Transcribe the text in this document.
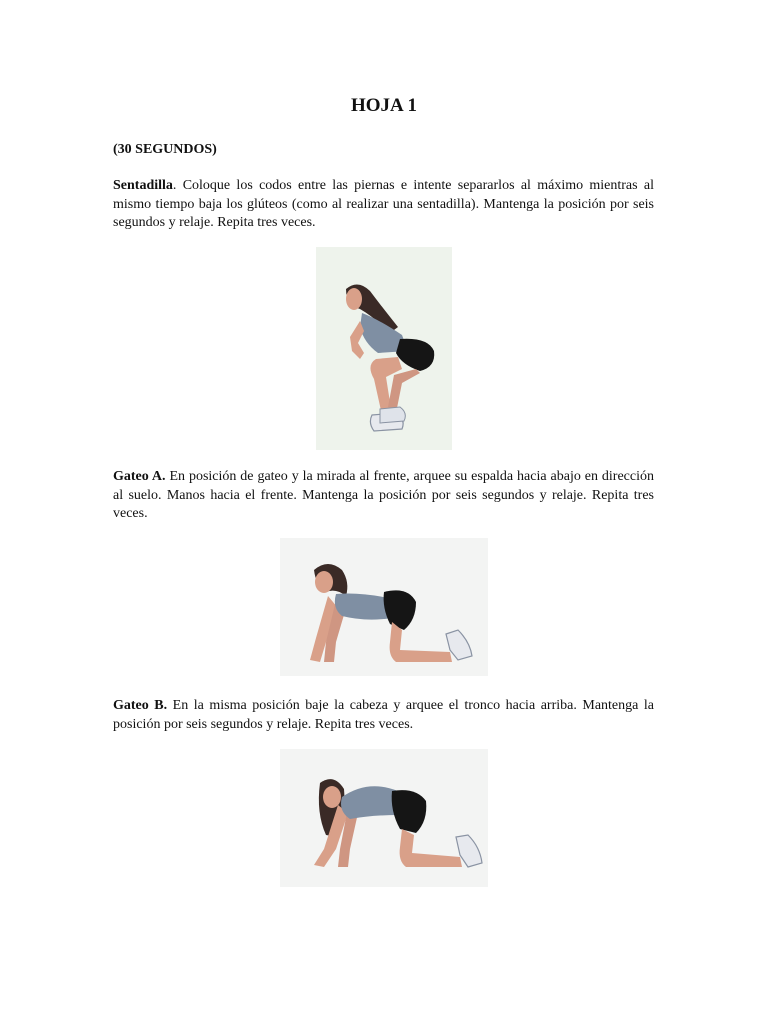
HOJA 1

(30 SEGUNDOS)

Sentadilla. Coloque los codos entre las piernas e intente separarlos al máximo mientras al mismo tiempo baja los glúteos (como al realizar una sentadilla). Mantenga la posición por seis segundos y relaje. Repita tres veces.

Gateo A. En posición de gateo y la mirada al frente, arquee su espalda hacia abajo en dirección al suelo. Manos hacia el frente. Mantenga la posición por seis segundos y relaje. Repita tres veces.

Gateo B. En la misma posición baje la cabeza y arquee el tronco hacia arriba. Mantenga la posición por seis segundos y relaje. Repita tres veces.
